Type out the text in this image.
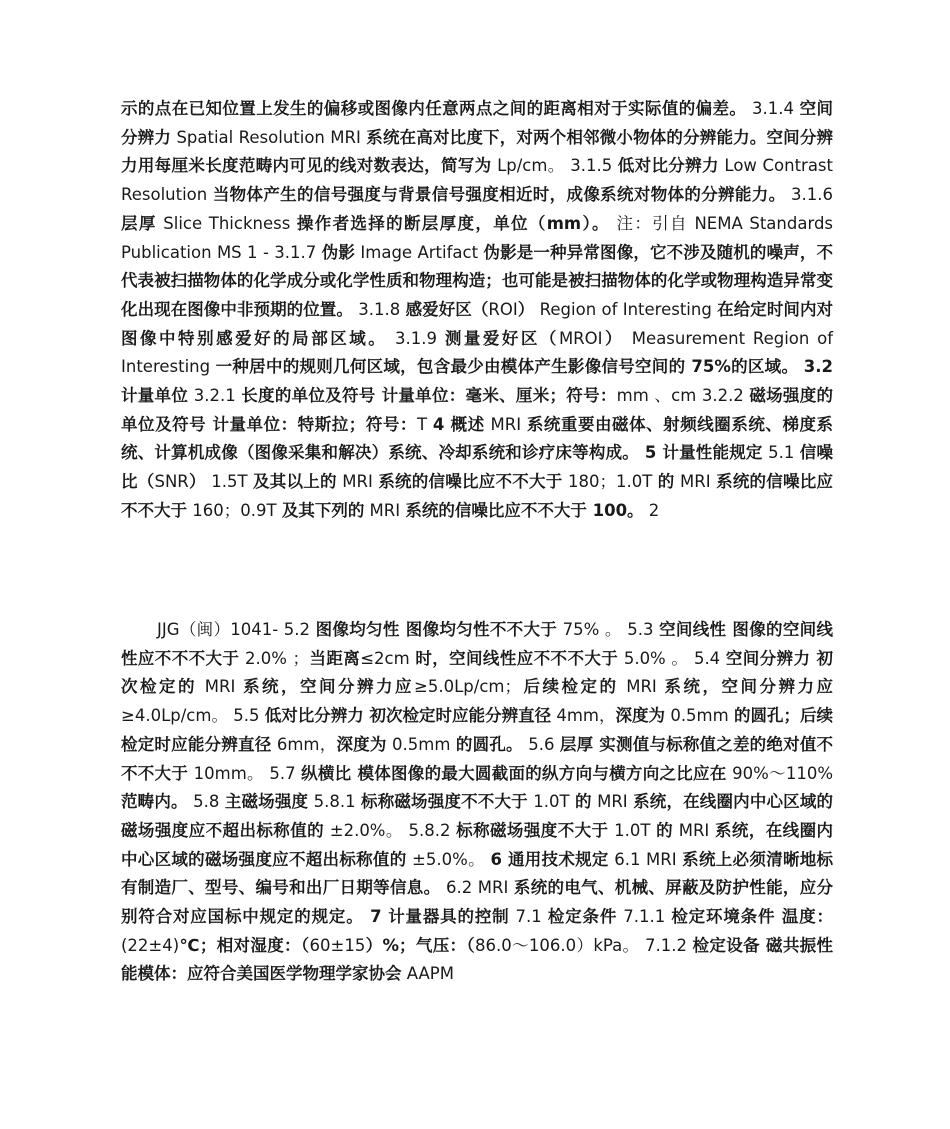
示的点在已知位置上发生的偏移或图像内任意两点之间的距离相对于实际值的偏差。 3.1.4 空间分辨力 Spatial Resolution MRI 系统在高对比度下，对两个相邻微小物体的分辨能力。空间分辨力用每厘米长度范畴内可见的线对数表达，简写为 Lp/cm。 3.1.5 低对比分辨力 Low Contrast Resolution 当物体产生的信号强度与背景信号强度相近时，成像系统对物体的分辨能力。 3.1.6 层厚 Slice Thickness 操作者选择的断层厚度，单位（mm）。 注：引自 NEMA Standards Publication MS 1 - 3.1.7 伪影 Image Artifact 伪影是一种异常图像，它不涉及随机的噪声，不代表被扫描物体的化学成分或化学性质和物理构造；也可能是被扫描物体的化学或物理构造异常变化出现在图像中非预期的位置。 3.1.8 感爱好区（ROI） Region of Interesting 在给定时间内对图像中特别感爱好的局部区域。 3.1.9 测量爱好区（MROI） Measurement Region of Interesting 一种居中的规则几何区域，包含最少由模体产生影像信号空间的 75%的区域。 3.2 计量单位 3.2.1 长度的单位及符号 计量单位：毫米、厘米；符号：mm 、cm 3.2.2 磁场强度的单位及符号 计量单位：特斯拉；符号：T 4 概述 MRI 系统重要由磁体、射频线圈系统、梯度系统、计算机成像（图像采集和解决）系统、冷却系统和诊疗床等构成。 5 计量性能规定 5.1 信噪比（SNR） 1.5T 及其以上的 MRI 系统的信噪比应不不大于 180；1.0T 的 MRI 系统的信噪比应不不大于 160；0.9T 及其下列的 MRI 系统的信噪比应不不大于 100。 2
JJG（闽）1041- 5.2 图像均匀性 图像均匀性不不大于 75% 。 5.3 空间线性 图像的空间线性应不不不大于 2.0% ；当距离≤2cm 时，空间线性应不不不大于 5.0% 。 5.4 空间分辨力 初次检定的 MRI 系统，空间分辨力应≥5.0Lp/cm；后续检定的 MRI 系统，空间分辨力应≥4.0Lp/cm。 5.5 低对比分辨力 初次检定时应能分辨直径 4mm，深度为 0.5mm 的圆孔；后续检定时应能分辨直径 6mm，深度为 0.5mm 的圆孔。 5.6 层厚 实测值与标称值之差的绝对值不不不大于 10mm。 5.7 纵横比 模体图像的最大圆截面的纵方向与横方向之比应在 90%～110% 范畴内。 5.8 主磁场强度 5.8.1 标称磁场强度不不大于 1.0T 的 MRI 系统，在线圈内中心区域的磁场强度应不超出标称值的 ±2.0%。 5.8.2 标称磁场强度不大于 1.0T 的 MRI 系统，在线圈内中心区域的磁场强度应不超出标称值的 ±5.0%。 6 通用技术规定 6.1 MRI 系统上必须清晰地标有制造厂、型号、编号和出厂日期等信息。 6.2 MRI 系统的电气、机械、屏蔽及防护性能，应分别符合对应国标中规定的规定。 7 计量器具的控制 7.1 检定条件 7.1.1 检定环境条件 温度：(22±4)℃；相对湿度：（60±15）%；气压：（86.0～106.0）kPa。 7.1.2 检定设备 磁共振性能模体：应符合美国医学物理学家协会 AAPM
